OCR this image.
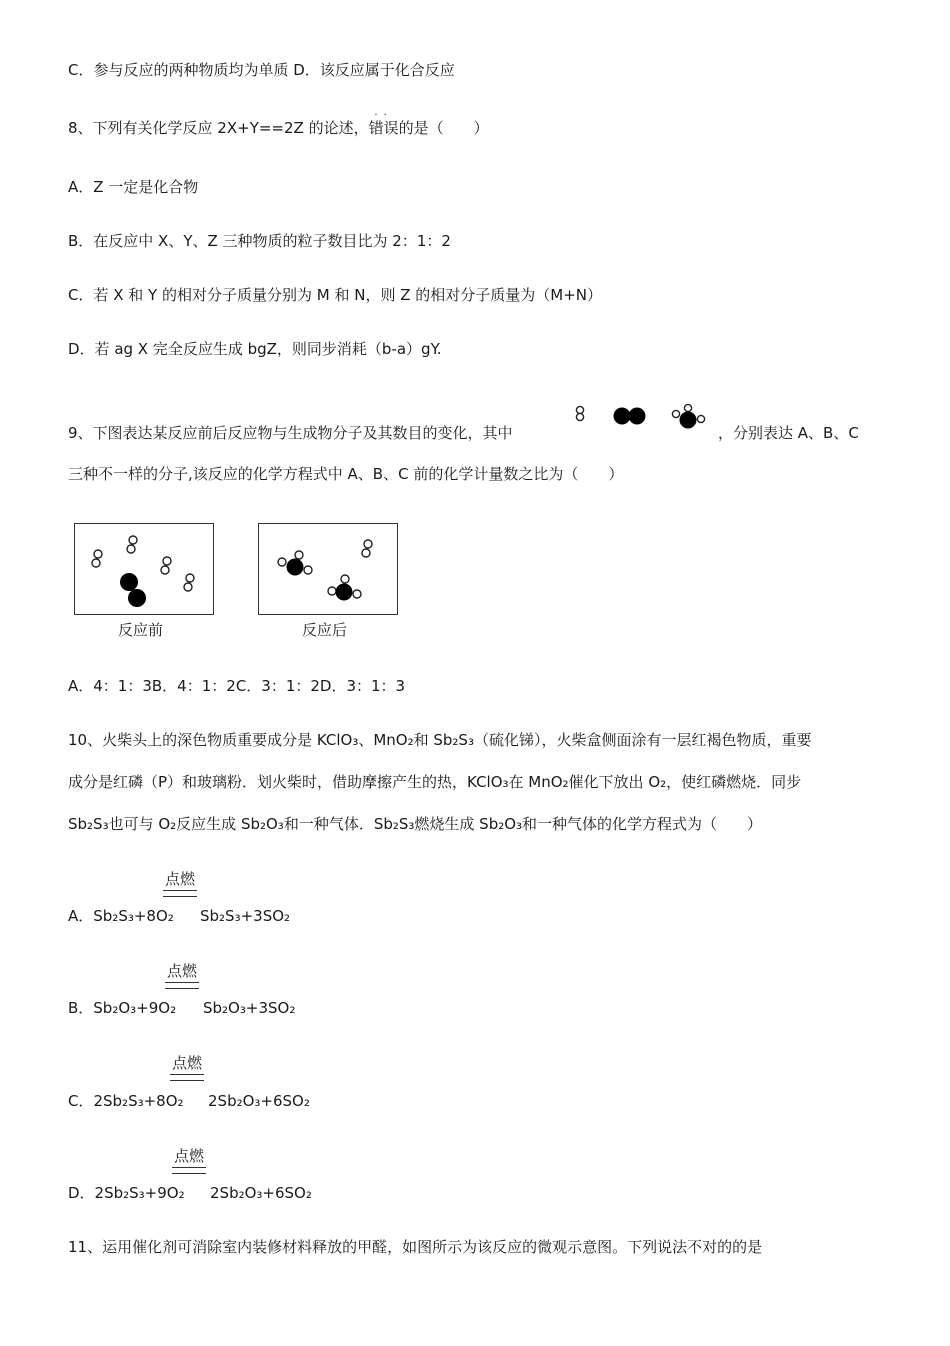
C．参与反应的两种物质均为单质 D．该反应属于化合反应
8、下列有关化学反应 2X+Y==2Z 的论述，
··
错误的是（　　）
A．Z 一定是化合物
B．在反应中 X、Y、Z 三种物质的粒子数目比为 2：1：2
C．若 X 和 Y 的相对分子质量分别为 M 和 N，则 Z 的相对分子质量为（M+N）
D．若 ag X 完全反应生成 bgZ，则同步消耗（b-a）gY.
9、下图表达某反应前后反应物与生成物分子及其数目的变化，其中	，分别表达 A、B、C
三种不一样的分子,该反应的化学方程式中 A、B、C 前的化学计量数之比为（　　）
反应前	反应后
A．4：1：3B．4：1：2C．3：1：2D．3：1：3
10、火柴头上的深色物质重要成分是 KClO₃、MnO₂和 Sb₂S₃（硫化锑），火柴盒侧面涂有一层红褐色物质，重要
成分是红磷（P）和玻璃粉．划火柴时，借助摩擦产生的热，KClO₃在 MnO₂催化下放出 O₂，使红磷燃烧．同步
Sb₂S₃也可与 O₂反应生成 Sb₂O₃和一种气体．Sb₂S₃燃烧生成 Sb₂O₃和一种气体的化学方程式为（　　）
点燃
A．Sb₂S₃+8O₂ Sb₂S₃+3SO₂
点燃
B．Sb₂O₃+9O₂ Sb₂O₃+3SO₂
点燃
C．2Sb₂S₃+8O₂ 2Sb₂O₃+6SO₂
点燃
D．2Sb₂S₃+9O₂ 2Sb₂O₃+6SO₂
11、运用催化剂可消除室内装修材料释放的甲醛，如图所示为该反应的微观示意图。下列说法不对的的是
